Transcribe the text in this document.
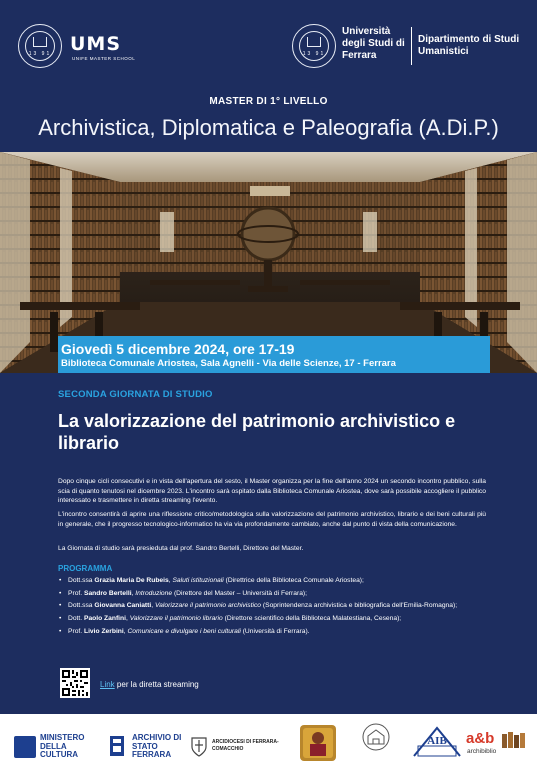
13 91 UMS
UNIFE MASTER SCHOOL
13 91
Università degli Studi di Ferrara
Dipartimento di Studi Umanistici
MASTER DI 1° LIVELLO
Archivistica, Diplomatica e Paleografia (A.Di.P.)
Giovedì 5 dicembre 2024, ore 17-19
Biblioteca Comunale Ariostea, Sala Agnelli - Via delle Scienze, 17 - Ferrara
SECONDA GIORNATA DI STUDIO
La valorizzazione del patrimonio archivistico e librario

Dopo cinque cicli consecutivi e in vista dell'apertura del sesto, il Master organizza per la fine dell'anno 2024 un secondo incontro pubblico, sulla scia di quanto tenutosi nel dicembre 2023. L'incontro sarà ospitato dalla Biblioteca Comunale Ariostea, dove sarà possibile accogliere il pubblico interessato e trasmettere in diretta streaming l'evento.

L'incontro consentirà di aprire una riflessione critico/metodologica sulla valorizzazione del patrimonio archivistico, librario e dei beni culturali più in generale, che il progresso tecnologico-informatico ha via via profondamente cambiato, anche dal punto di vista della comunicazione.

La Giornata di studio sarà presieduta dal prof. Sandro Bertelli, Direttore del Master.

PROGRAMMA
• Dott.ssa Grazia Maria De Rubeis, Saluti istituzionali (Direttrice della Biblioteca Comunale Ariostea);
• Prof. Sandro Bertelli, Introduzione (Direttore del Master – Università di Ferrara);
• Dott.ssa Giovanna Caniatti, Valorizzare il patrimonio archivistico (Soprintendenza archivistica e bibliografica dell'Emilia-Romagna);
• Dott. Paolo Zanfini, Valorizzare il patrimonio librario (Direttore scientifico della Biblioteca Malatestiana, Cesena);
• Prof. Livio Zerbini, Comunicare e divulgare i beni culturali (Università di Ferrara).
Link per la diretta streaming
MINISTERO DELLA CULTURA
ARCHIVIO DI STATO FERRARA
ARCIDIOCESI DI FERRARA-COMACCHIO
AIB a&b
archibiblio
